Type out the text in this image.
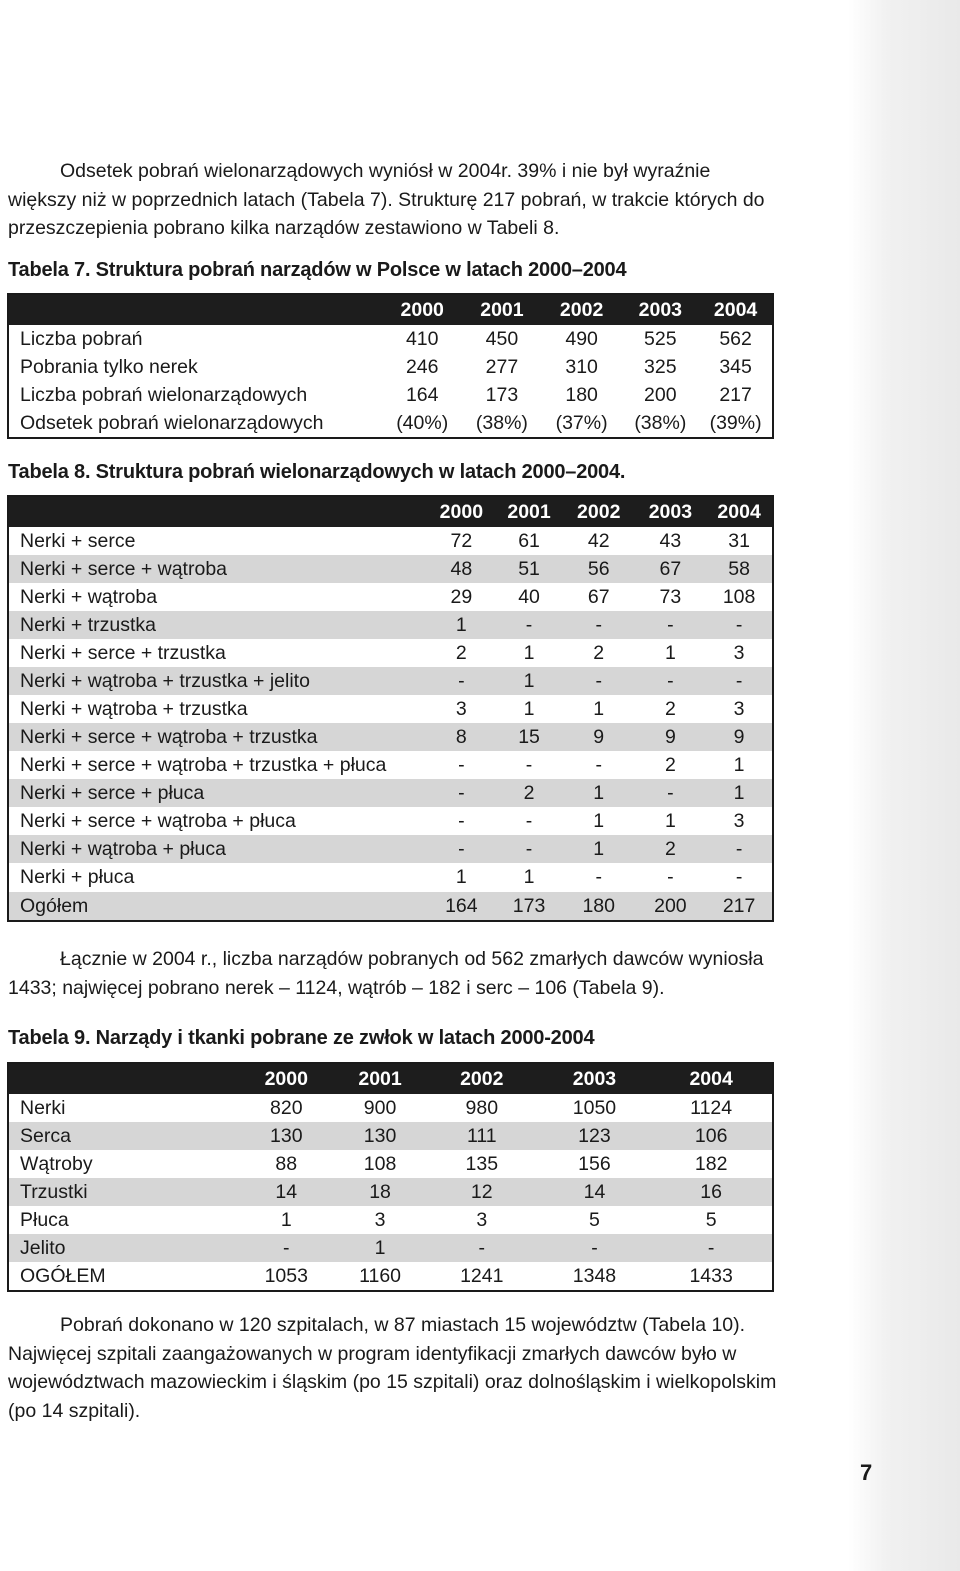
Odsetek pobrań wielonarządowych wyniósł w 2004r. 39% i nie był wyraźnie większy niż w poprzednich latach (Tabela 7). Strukturę 217 pobrań, w trakcie których do przeszczepienia pobrano kilka narządów zestawiono w Tabeli 8.

Tabela 7. Struktura pobrań narządów w Polsce w latach 2000–2004

	2000	2001	2002	2003	2004
Liczba pobrań	410	450	490	525	562
Pobrania tylko nerek	246	277	310	325	345
Liczba pobrań wielonarządowych	164	173	180	200	217
Odsetek pobrań wielonarządowych	(40%)	(38%)	(37%)	(38%)	(39%)

Tabela 8. Struktura pobrań wielonarządowych w latach 2000–2004.

	2000	2001	2002	2003	2004
Nerki + serce	72	61	42	43	31
Nerki + serce + wątroba	48	51	56	67	58
Nerki + wątroba	29	40	67	73	108
Nerki + trzustka	1	-	-	-	-
Nerki + serce + trzustka	2	1	2	1	3
Nerki + wątroba + trzustka + jelito	-	1	-	-	-
Nerki + wątroba + trzustka	3	1	1	2	3
Nerki + serce + wątroba + trzustka	8	15	9	9	9
Nerki + serce + wątroba + trzustka + płuca	-	-	-	2	1
Nerki + serce + płuca	-	2	1	-	1
Nerki + serce + wątroba + płuca	-	-	1	1	3
Nerki + wątroba + płuca	-	-	1	2	-
Nerki + płuca	1	1	-	-	-
Ogółem	164	173	180	200	217

Łącznie w 2004 r., liczba narządów pobranych od 562 zmarłych dawców wyniosła 1433; najwięcej pobrano nerek – 1124, wątrób – 182 i serc – 106 (Tabela 9).

Tabela 9. Narządy i tkanki pobrane ze zwłok w latach 2000-2004

	2000	2001	2002	2003	2004
Nerki	820	900	980	1050	1124
Serca	130	130	111	123	106
Wątroby	88	108	135	156	182
Trzustki	14	18	12	14	16
Płuca	1	3	3	5	5
Jelito	-	1	-	-	-
OGÓŁEM	1053	1160	1241	1348	1433

Pobrań dokonano w 120 szpitalach, w 87 miastach 15 województw (Tabela 10). Najwięcej szpitali zaangażowanych w program identyfikacji zmarłych dawców było w województwach mazowieckim i śląskim (po 15 szpitali) oraz dolnośląskim i wielkopolskim (po 14 szpitali).

7
